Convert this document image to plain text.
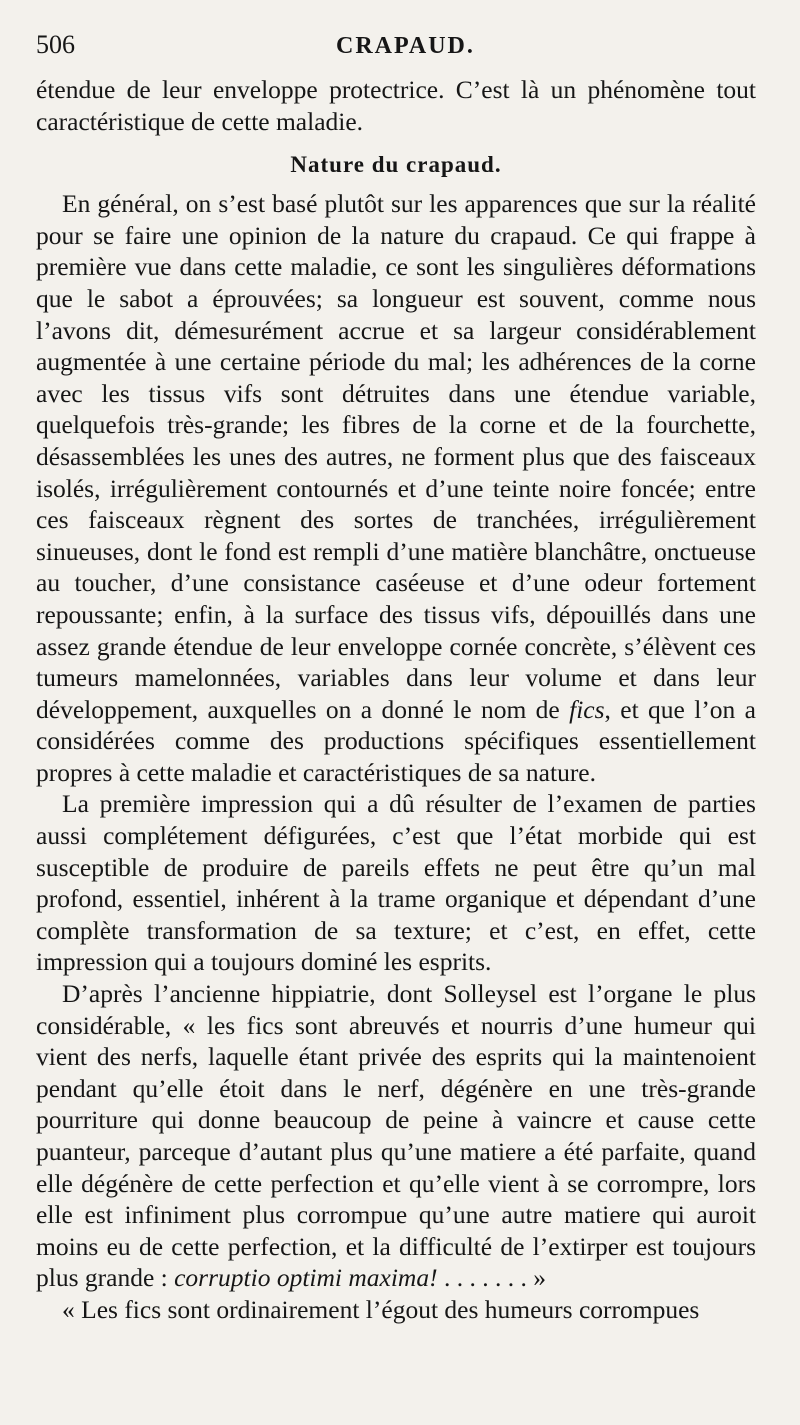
506	CRAPAUD.

étendue de leur enveloppe protectrice. C’est là un phénomène tout caractéristique de cette maladie.

Nature du crapaud.

En général, on s’est basé plutôt sur les apparences que sur la réalité pour se faire une opinion de la nature du crapaud. Ce qui frappe à première vue dans cette maladie, ce sont les singulières déformations que le sabot a éprouvées; sa longueur est souvent, comme nous l’avons dit, démesurément accrue et sa largeur considérablement augmentée à une certaine période du mal; les adhérences de la corne avec les tissus vifs sont détruites dans une étendue variable, quelquefois très-grande; les fibres de la corne et de la fourchette, désassemblées les unes des autres, ne forment plus que des faisceaux isolés, irrégulièrement contournés et d’une teinte noire foncée; entre ces faisceaux règnent des sortes de tranchées, irrégulièrement sinueuses, dont le fond est rempli d’une matière blanchâtre, onctueuse au toucher, d’une consistance caséeuse et d’une odeur fortement repoussante; enfin, à la surface des tissus vifs, dépouillés dans une assez grande étendue de leur enveloppe cornée concrète, s’élèvent ces tumeurs mamelonnées, variables dans leur volume et dans leur développement, auxquelles on a donné le nom de fics, et que l’on a considérées comme des productions spécifiques essentiellement propres à cette maladie et caractéristiques de sa nature.

La première impression qui a dû résulter de l’examen de parties aussi complétement défigurées, c’est que l’état morbide qui est susceptible de produire de pareils effets ne peut être qu’un mal profond, essentiel, inhérent à la trame organique et dépendant d’une complète transformation de sa texture; et c’est, en effet, cette impression qui a toujours dominé les esprits.

D’après l’ancienne hippiatrie, dont Solleysel est l’organe le plus considérable, « les fics sont abreuvés et nourris d’une humeur qui vient des nerfs, laquelle étant privée des esprits qui la maintenoient pendant qu’elle étoit dans le nerf, dégénère en une très-grande pourriture qui donne beaucoup de peine à vaincre et cause cette puanteur, parceque d’autant plus qu’une matiere a été parfaite, quand elle dégénère de cette perfection et qu’elle vient à se corrompre, lors elle est infiniment plus corrompue qu’une autre matiere qui auroit moins eu de cette perfection, et la difficulté de l’extirper est toujours plus grande : corruptio optimi maxima! . . . . . . . »

« Les fics sont ordinairement l’égout des humeurs corrompues
